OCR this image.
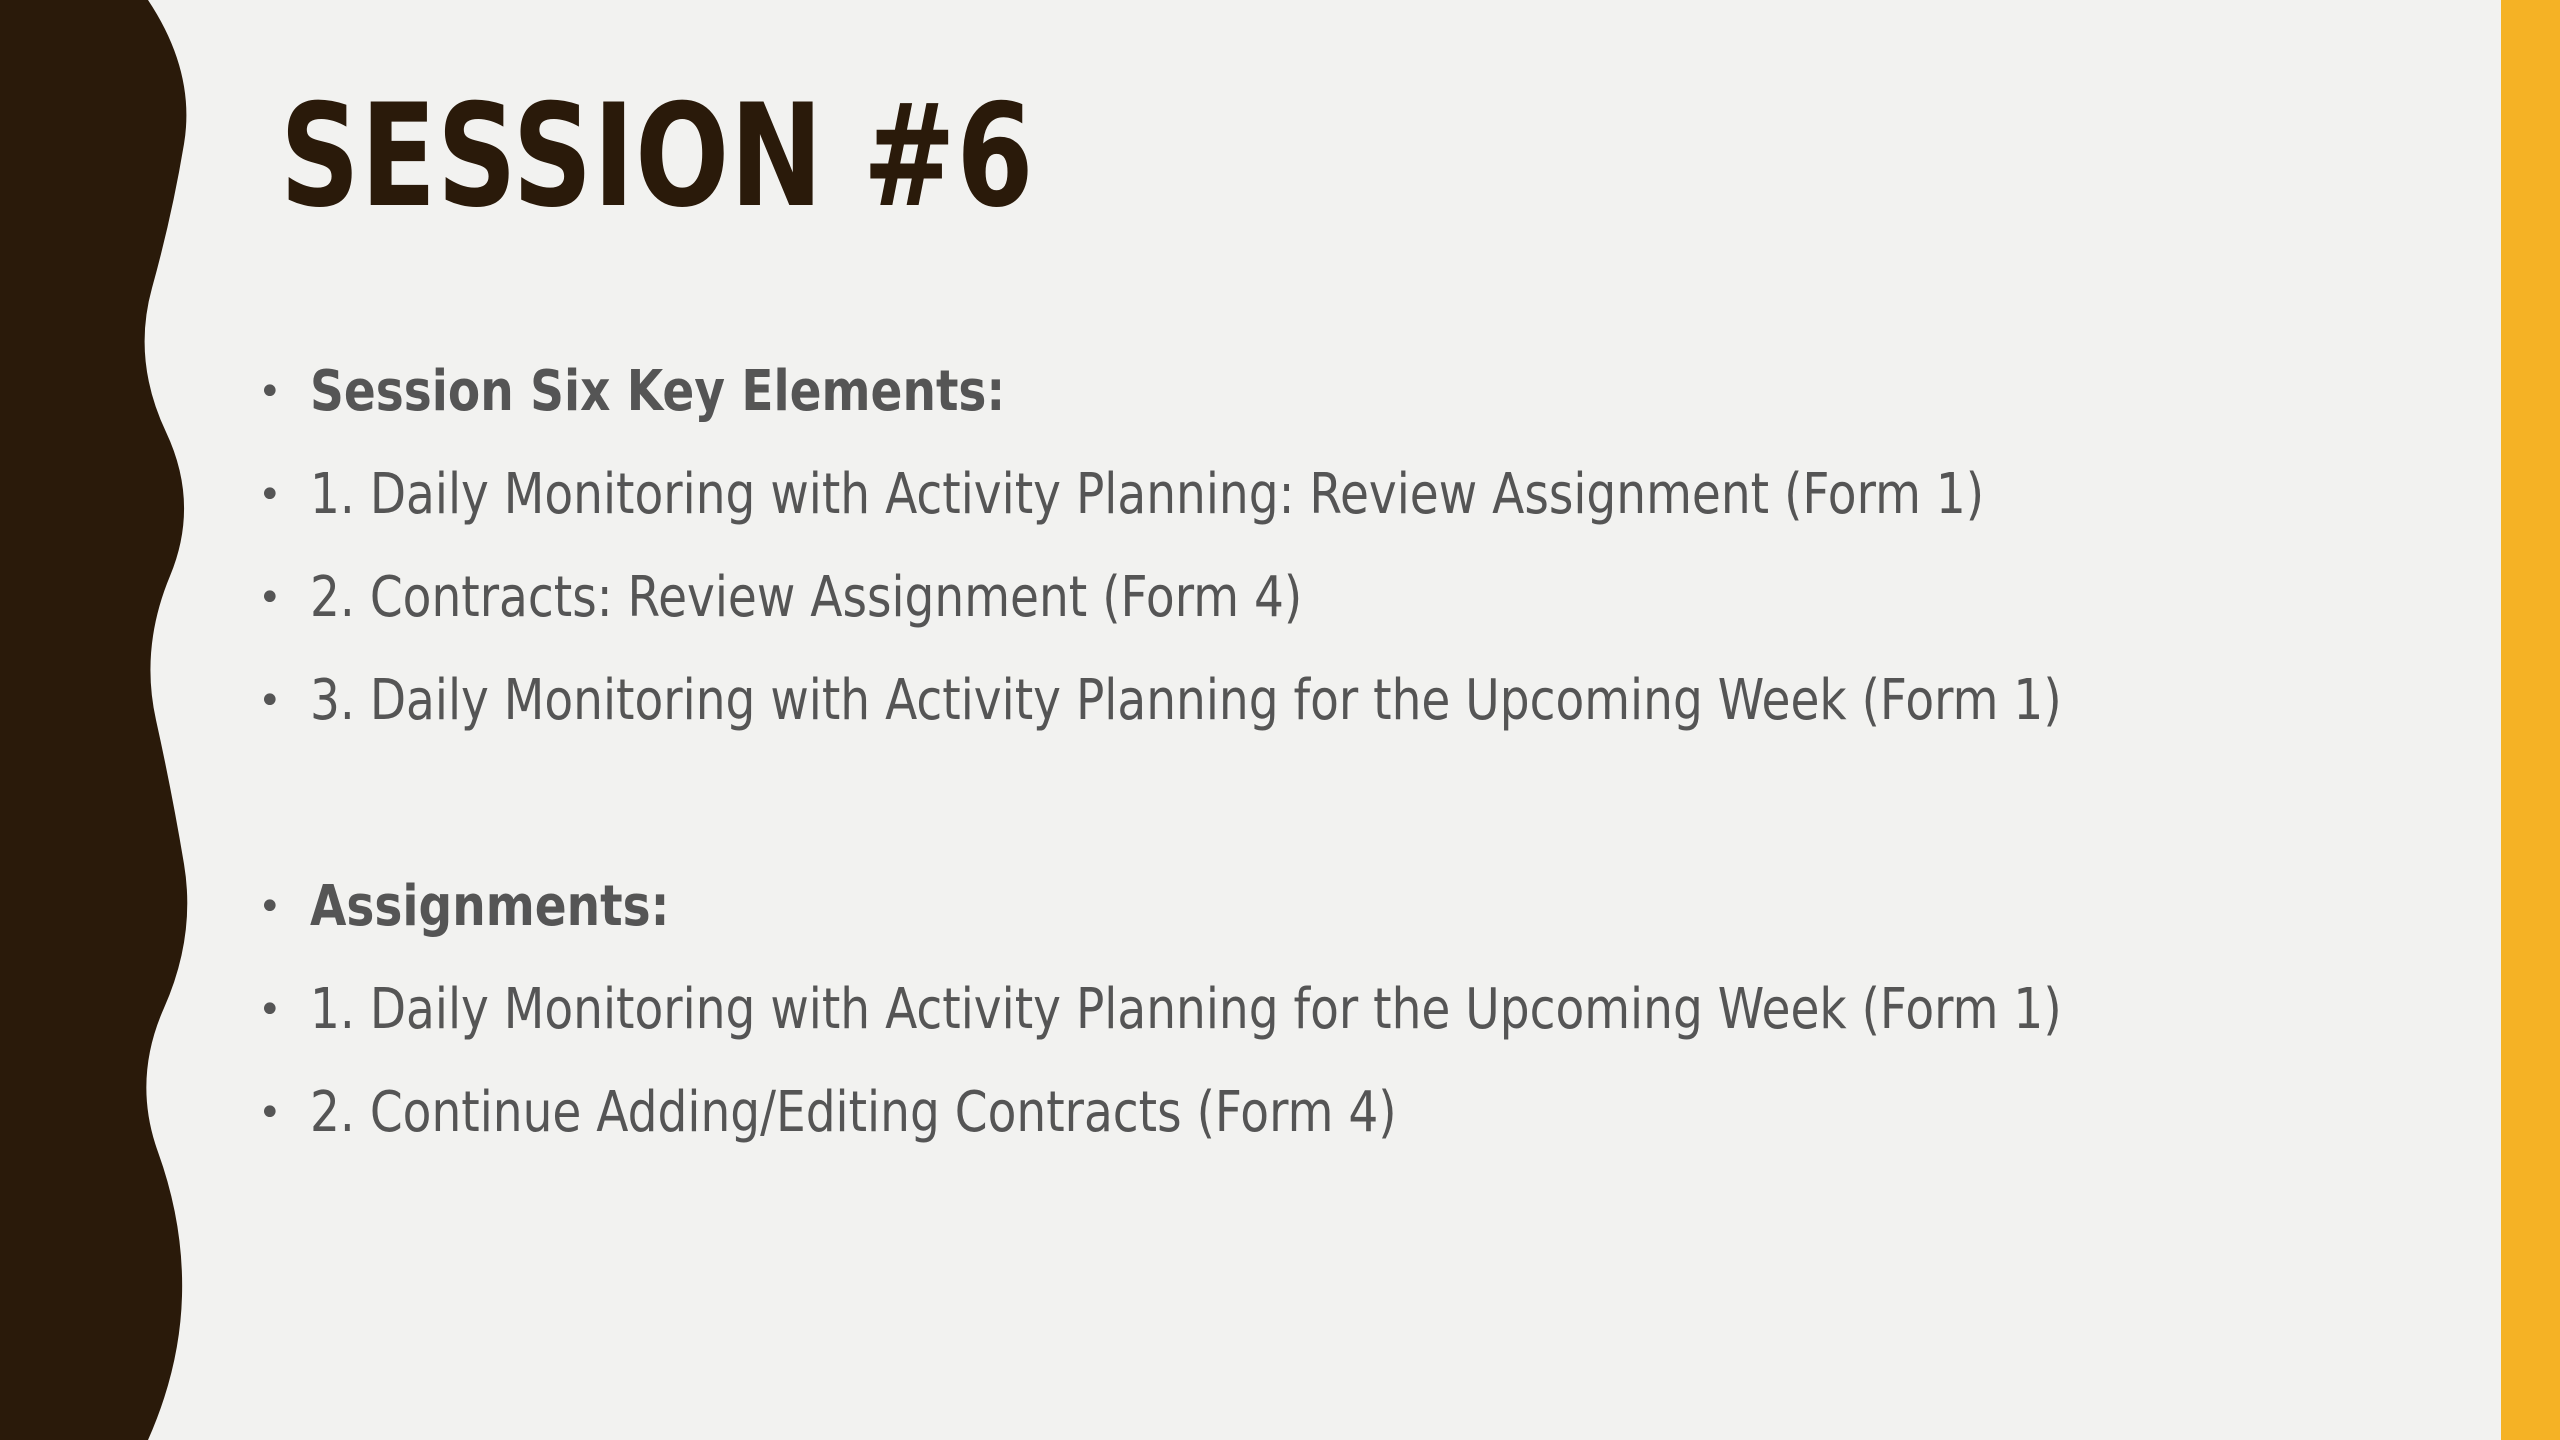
SESSION #6
• Session Six Key Elements:
• 1. Daily Monitoring with Activity Planning: Review Assignment (Form 1)
• 2. Contracts: Review Assignment (Form 4)
• 3. Daily Monitoring with Activity Planning for the Upcoming Week (Form 1)
• Assignments:
• 1. Daily Monitoring with Activity Planning for the Upcoming Week (Form 1)
• 2. Continue Adding/Editing Contracts (Form 4)
